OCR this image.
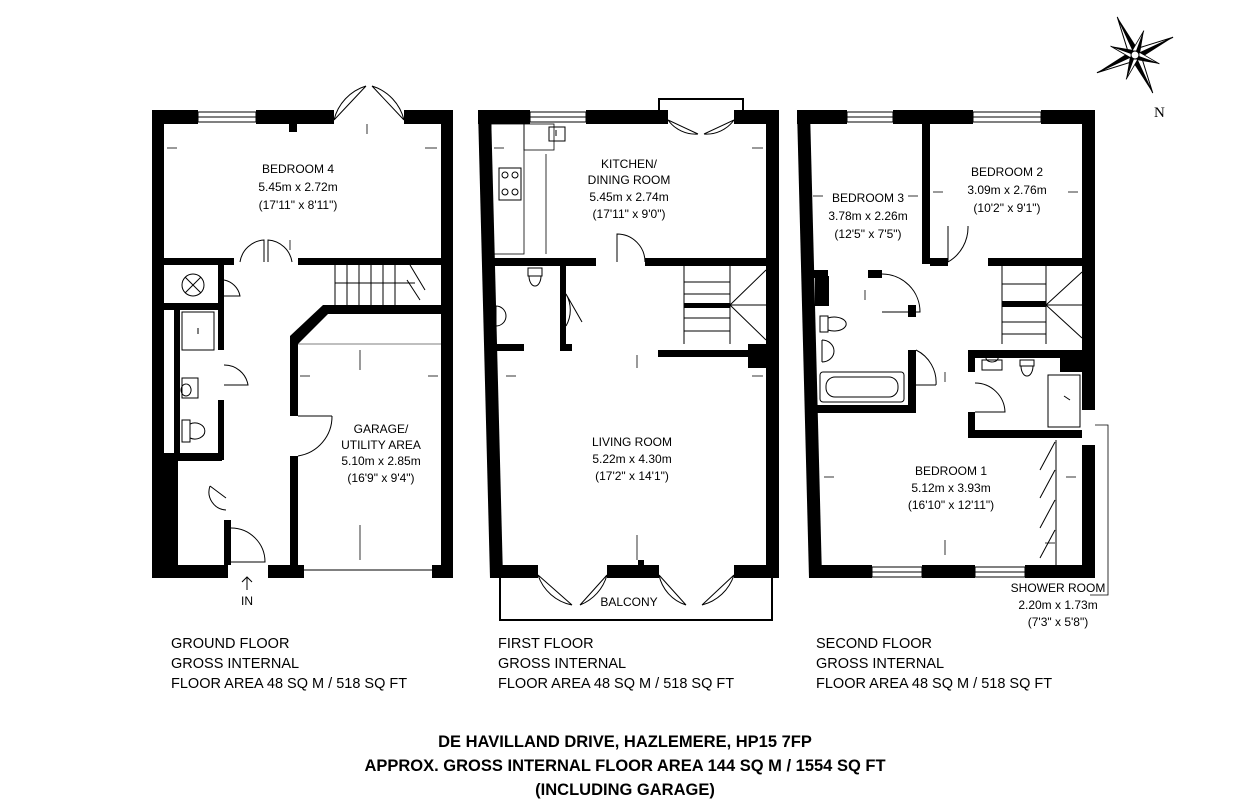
N
BEDROOM 4
5.45m x 2.72m
(17'11" x 8'11")
GARAGE/
UTILITY AREA
5.10m x 2.85m
(16'9" x 9'4")
IN
KITCHEN/
DINING ROOM
5.45m x 2.74m
(17'11" x 9'0")
LIVING ROOM
5.22m x 4.30m
(17'2" x 14'1")
BALCONY
BEDROOM 3
3.78m x 2.26m
(12'5" x 7'5")
BEDROOM 2
3.09m x 2.76m
(10'2" x 9'1")
BEDROOM 1
5.12m x 3.93m
(16'10" x 12'11")
SHOWER ROOM
2.20m x 1.73m
(7'3" x 5'8")
GROUND FLOOR
GROSS INTERNAL
FLOOR AREA 48 SQ M / 518 SQ FT
FIRST FLOOR
GROSS INTERNAL
FLOOR AREA 48 SQ M / 518 SQ FT
SECOND FLOOR
GROSS INTERNAL
FLOOR AREA 48 SQ M / 518 SQ FT
DE HAVILLAND DRIVE, HAZLEMERE, HP15 7FP
APPROX. GROSS INTERNAL FLOOR AREA 144 SQ M / 1554 SQ FT
(INCLUDING GARAGE)
